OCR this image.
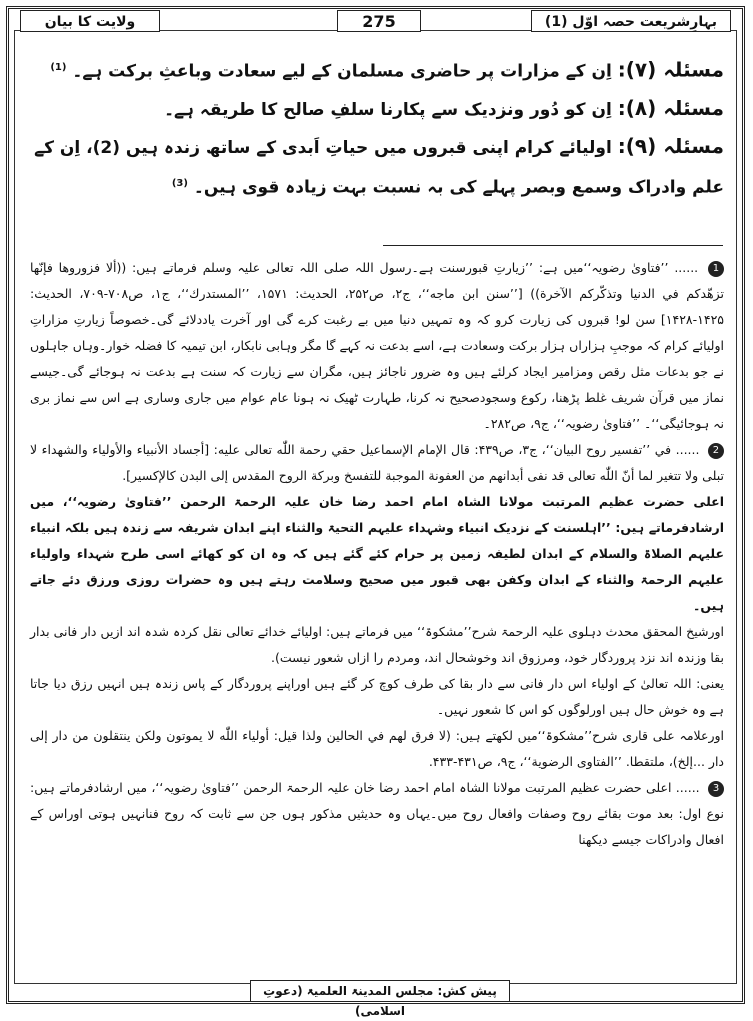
بہارِشریعت حصہ اوّل (1)
275
ولایت کا بیان

مسئلہ (۷): اِن کے مزارات پر حاضری مسلمان کے لیے سعادت وباعثِ برکت ہے۔ $^{(1)}$

مسئلہ (۸): اِن کو دُور ونزدیک سے پکارنا سلفِ صالح کا طریقہ ہے۔

مسئلہ (۹): اولیائے کرام اپنی قبروں میں حیاتِ اَبدی کے ساتھ زندہ ہیں (2)، اِن کے علم وادراک وسمع وبصر پہلے کی بہ نسبت بہت زیادہ قوی ہیں۔ $^{(3)}$

1 ...... ’’فتاویٰ رضویہ‘‘میں ہے: ’’زیارتِ قبورسنت ہے۔رسول اللہ صلی اللہ تعالی علیہ وسلم فرماتے ہیں: ((ألا فزوروها فإنّها تزهّدكم في الدنيا وتذكّركم الآخرة)) [’’سنن ابن ماجه‘‘، ج۲، ص۲۵۲، الحديث: ۱۵۷۱، ’’المستدرك‘‘، ج۱، ص۷۰۸-۷۰۹، الحديث: ۱۴۲۵-۱۴۲۸] سن لو! قبروں کی زیارت کرو کہ وہ تمہیں دنیا میں بے رغبت کرے گی اور آخرت یاددلائے گی۔خصوصاً زیارتِ مزاراتِ اولیائے کرام کہ موجبِ ہزاراں ہزار برکت وسعادت ہے، اسے بدعت نہ کہے گا مگر وہابی نابکار، ابن تیمیہ کا فضلہ خوار۔وہاں جاہلوں نے جو بدعات مثل رقص ومزامیر ایجاد کرلئے ہیں وہ ضرور ناجائز ہیں، مگران سے زیارت کہ سنت ہے بدعت نہ ہوجائے گی۔جیسے نماز میں قرآن شریف غلط پڑھنا، رکوع وسجودصحیح نہ کرنا، طہارت ٹھیک نہ ہونا عام عوام میں جاری وساری ہے اس سے نماز بری نہ ہوجائیگی‘‘۔ ’’فتاویٰ رضویہ‘‘، ج۹، ص۲۸۲۔

2 ...... في ’’تفسير روح البيان‘‘، ج۳، ص۴۳۹: قال الإمام الإسماعيل حقي رحمة اللّٰه تعالى عليه: [أجساد الأنبياء والأولياء والشهداء لا تبلى ولا تتغير لما أنّ اللّٰه تعالى قد نفى أبدانهم من العفونة الموجبة للتفسخ وبركة الروح المقدس إلى البدن كالإكسير].

اعلی حضرت عظیم المرتبت مولانا الشاہ امام احمد رضا خان علیہ الرحمۃ الرحمن ’’فتاویٰ رضویہ‘‘، میں ارشادفرماتے ہیں: ’’اہلسنت کے نزدیک انبیاء وشہداء علیہم التحیۃ والثناء اپنے ابدان شریفہ سے زندہ ہیں بلکہ انبیاء علیہم الصلاۃ والسلام کے ابدان لطیفہ زمین پر حرام کئے گئے ہیں کہ وہ ان کو کھائے اسی طرح شہداء واولیاء علیہم الرحمۃ والثناء کے ابدان وکفن بھی قبور میں صحیح وسلامت رہتے ہیں وہ حضرات روزی ورزق دئے جاتے ہیں۔

اورشیخ المحقق محدث دہلوی علیہ الرحمۃ شرح’’مشکوۃ‘‘ میں فرماتے ہیں: اولیائے خدائے تعالی نقل کردہ شدہ اند ازیں دار فانی بدار بقا وزندہ اند نزد پروردگار خود، ومرزوق اند وخوشحال اند، ومردم را ازاں شعور نیست).

یعنی: اللہ تعالیٰ کے اولیاء اس دار فانی سے دار بقا کی طرف کوچ کر گئے ہیں اوراپنے پروردگار کے پاس زندہ ہیں انہیں رزق دیا جاتا ہے وہ خوش حال ہیں اورلوگوں کو اس کا شعور نہیں۔

اورعلامہ علی قاری شرح’’مشکوۃ‘‘میں لکھتے ہیں: (لا فرق لهم في الحالين ولذا قيل: أولياء اللّٰه لا يموتون ولكن ينتقلون من دار إلى دار ...إلخ)، ملتقطا. ’’الفتاوى الرضوية‘‘، ج۹، ص۴۳۱-۴۳۳.

3 ...... اعلی حضرت عظیم المرتبت مولانا الشاہ امام احمد رضا خان علیہ الرحمۃ الرحمن ’’فتاویٰ رضویہ‘‘، میں ارشادفرماتے ہیں: نوع اول: بعد موت بقائے روح وصفات وافعال روح میں۔یہاں وہ حدیثیں مذکور ہوں جن سے ثابت کہ روح فنانہیں ہوتی اوراس کے افعال وادراکات جیسے دیکھنا

پیش کش: مجلس المدینۃ العلمیۃ (دعوتِ اسلامی)
